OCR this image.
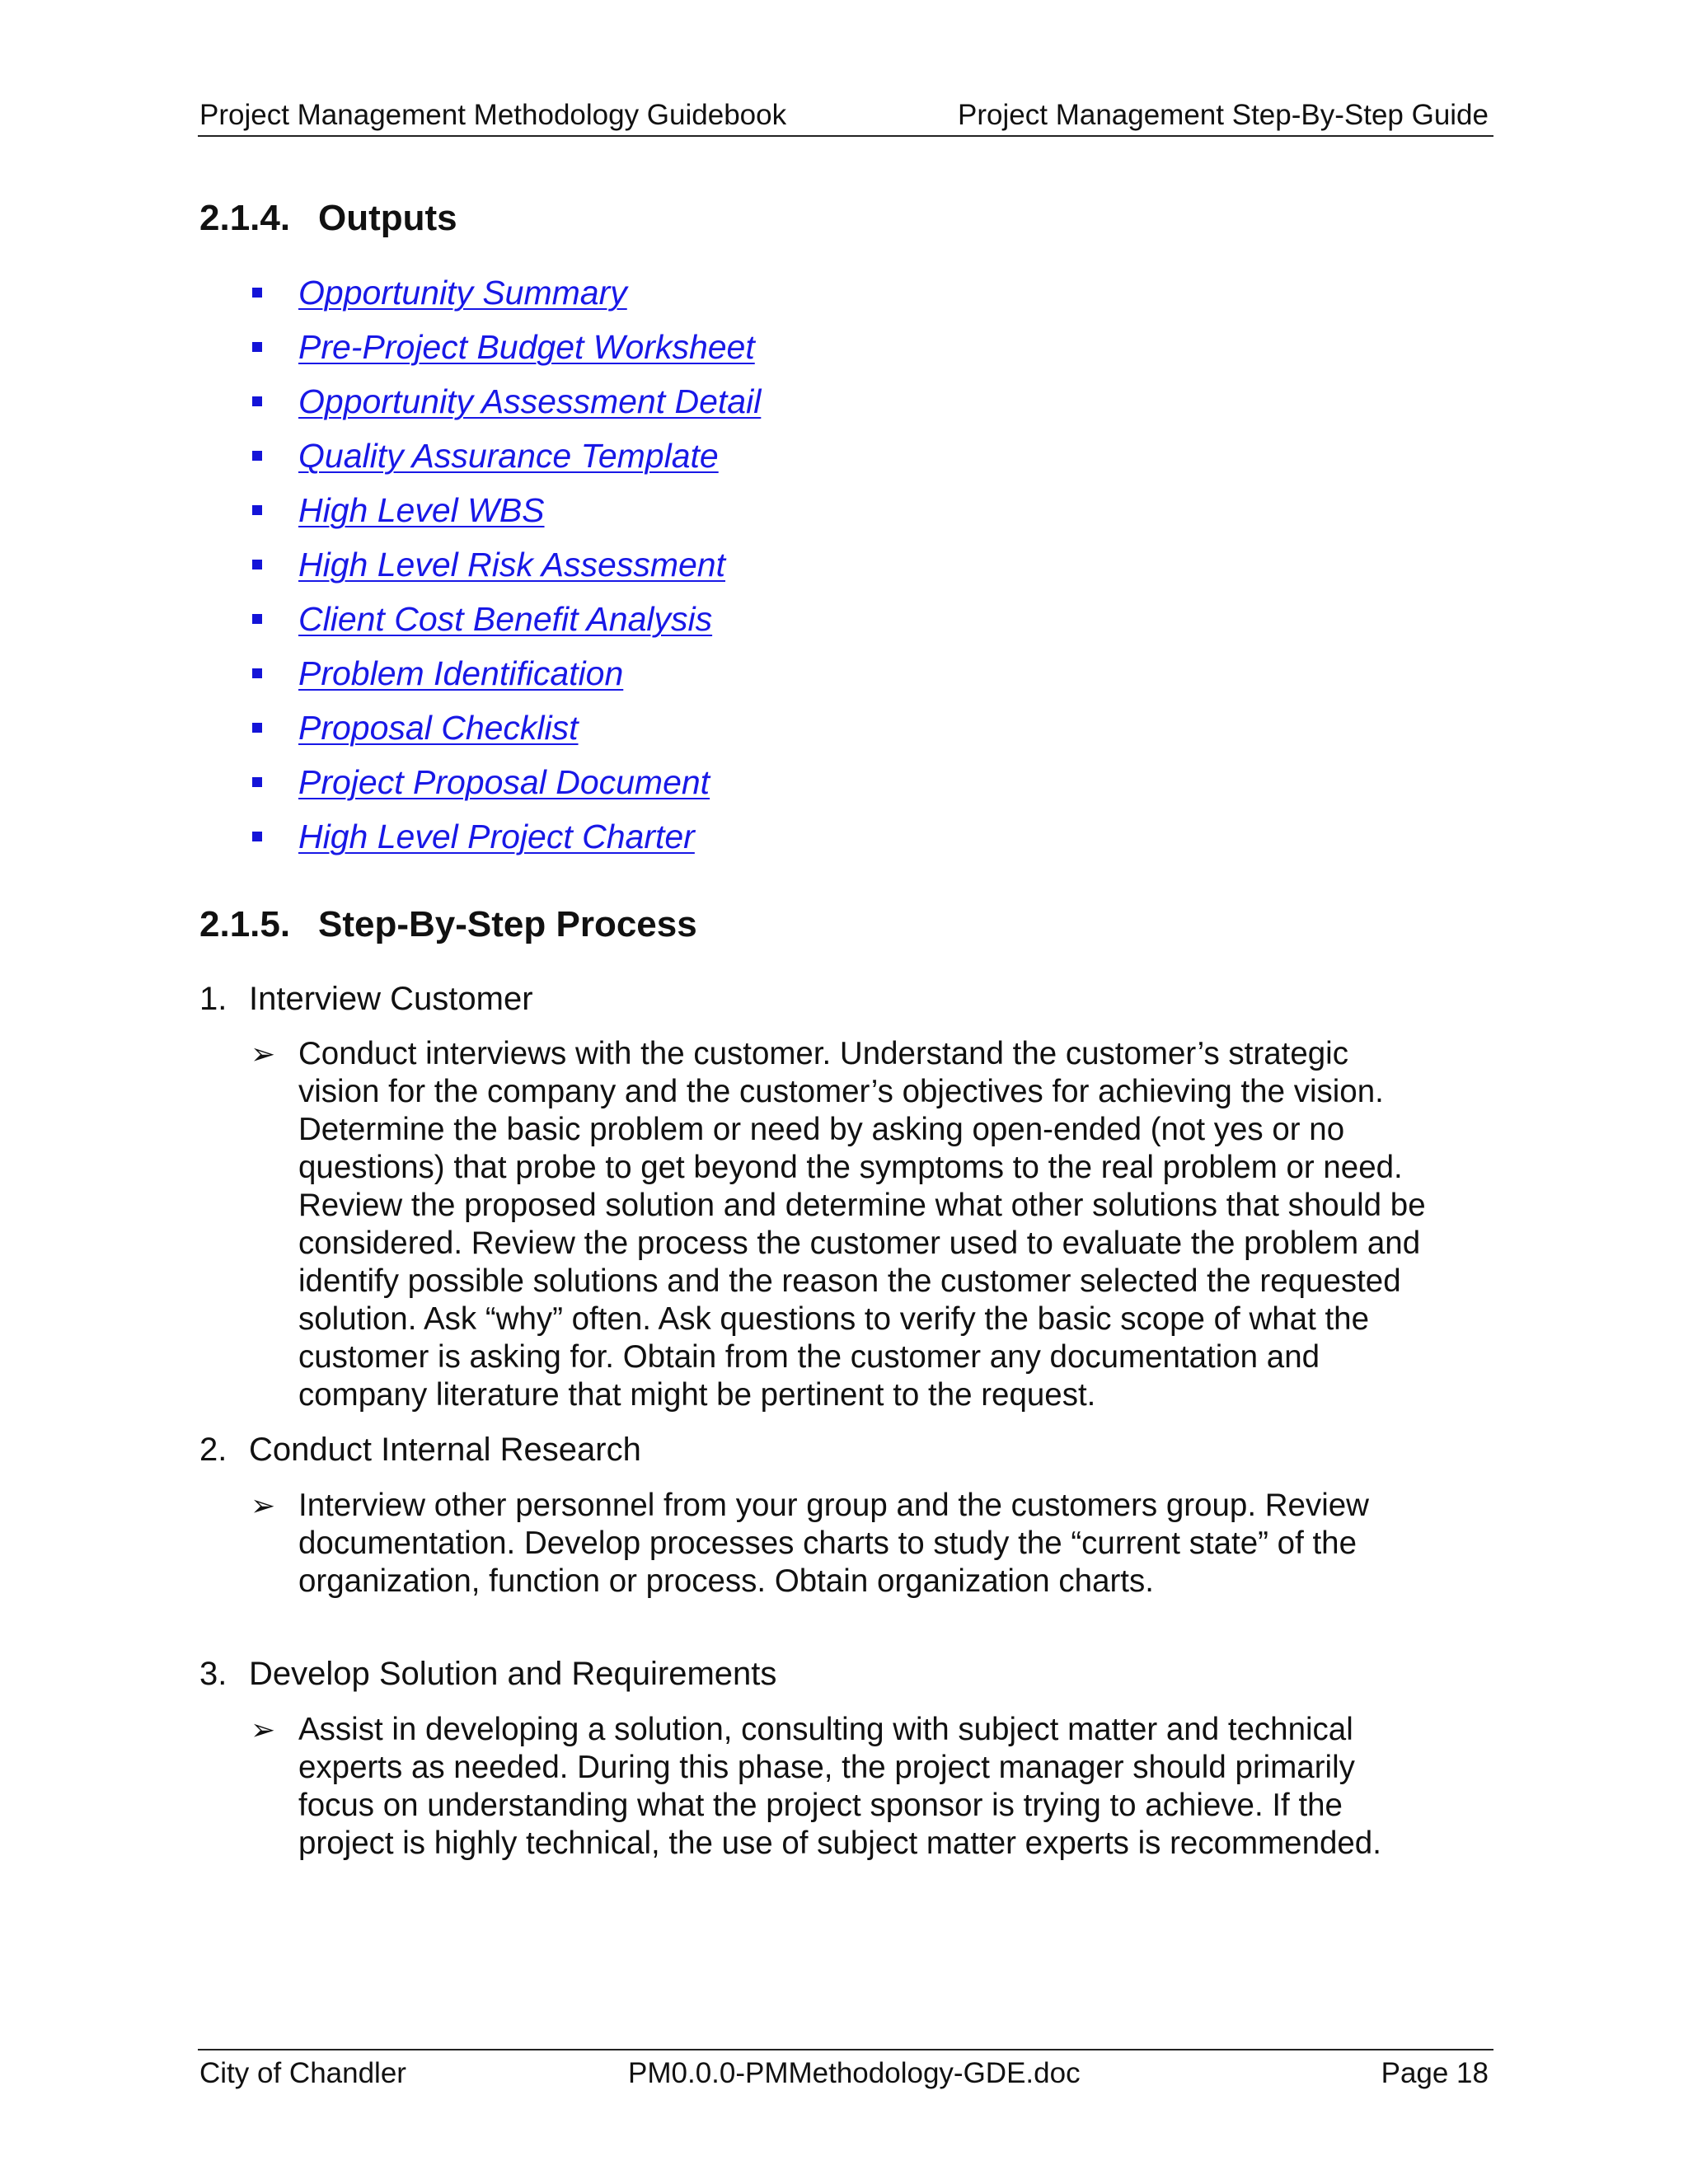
Project Management Methodology Guidebook	Project Management Step-By-Step Guide
2.1.4. Outputs
Opportunity Summary
Pre-Project Budget Worksheet
Opportunity Assessment Detail
Quality Assurance Template
High Level WBS
High Level Risk Assessment
Client Cost Benefit Analysis
Problem Identification
Proposal Checklist
Project Proposal Document
High Level Project Charter
2.1.5. Step-By-Step Process
1. Interview Customer
➢ Conduct interviews with the customer. Understand the customer’s strategic
vision for the company and the customer’s objectives for achieving the vision.
Determine the basic problem or need by asking open-ended (not yes or no
questions) that probe to get beyond the symptoms to the real problem or need.
Review the proposed solution and determine what other solutions that should be
considered. Review the process the customer used to evaluate the problem and
identify possible solutions and the reason the customer selected the requested
solution. Ask “why” often. Ask questions to verify the basic scope of what the
customer is asking for. Obtain from the customer any documentation and
company literature that might be pertinent to the request.
2. Conduct Internal Research
➢ Interview other personnel from your group and the customers group. Review
documentation. Develop processes charts to study the “current state” of the
organization, function or process. Obtain organization charts.
3. Develop Solution and Requirements
➢ Assist in developing a solution, consulting with subject matter and technical
experts as needed. During this phase, the project manager should primarily
focus on understanding what the project sponsor is trying to achieve. If the
project is highly technical, the use of subject matter experts is recommended.
City of Chandler	PM0.0.0-PMMethodology-GDE.doc	Page 18
